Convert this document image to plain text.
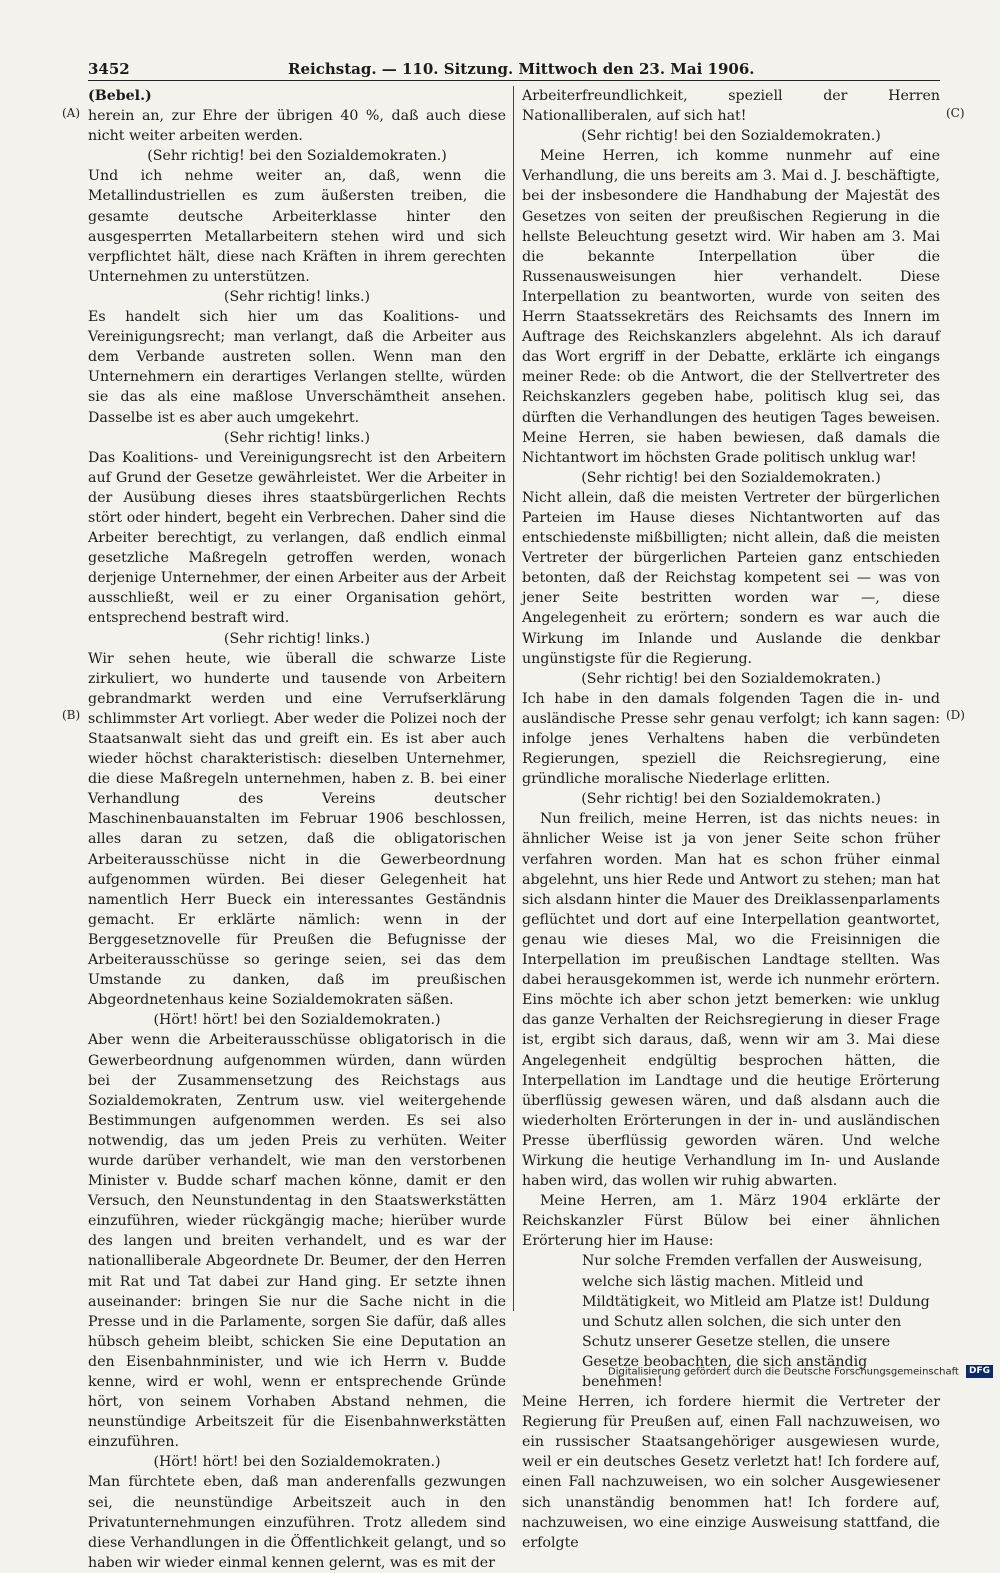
3452	Reichstag. — 110. Sitzung. Mittwoch den 23. Mai 1906.
(A)
(B)
(C)
(D)

(Bebel.)

herein an, zur Ehre der übrigen 40 %, daß auch diese nicht weiter arbeiten werden.

(Sehr richtig! bei den Sozialdemokraten.)

Und ich nehme weiter an, daß, wenn die Metallindustriellen es zum äußersten treiben, die gesamte deutsche Arbeiterklasse hinter den ausgesperrten Metallarbeitern stehen wird und sich verpflichtet hält, diese nach Kräften in ihrem gerechten Unternehmen zu unterstützen.

(Sehr richtig! links.)

Es handelt sich hier um das Koalitions- und Vereinigungsrecht; man verlangt, daß die Arbeiter aus dem Verbande austreten sollen. Wenn man den Unternehmern ein derartiges Verlangen stellte, würden sie das als eine maßlose Unverschämtheit ansehen. Dasselbe ist es aber auch umgekehrt.

(Sehr richtig! links.)

Das Koalitions- und Vereinigungsrecht ist den Arbeitern auf Grund der Gesetze gewährleistet. Wer die Arbeiter in der Ausübung dieses ihres staatsbürgerlichen Rechts stört oder hindert, begeht ein Verbrechen. Daher sind die Arbeiter berechtigt, zu verlangen, daß endlich einmal gesetzliche Maßregeln getroffen werden, wonach derjenige Unternehmer, der einen Arbeiter aus der Arbeit ausschließt, weil er zu einer Organisation gehört, entsprechend bestraft wird.

(Sehr richtig! links.)

Wir sehen heute, wie überall die schwarze Liste zirkuliert, wo hunderte und tausende von Arbeitern gebrandmarkt werden und eine Verrufserklärung schlimmster Art vorliegt. Aber weder die Polizei noch der Staatsanwalt sieht das und greift ein. Es ist aber auch wieder höchst charakteristisch: dieselben Unternehmer, die diese Maßregeln unternehmen, haben z. B. bei einer Verhandlung des Vereins deutscher Maschinenbauanstalten im Februar 1906 beschlossen, alles daran zu setzen, daß die obligatorischen Arbeiterausschüsse nicht in die Gewerbeordnung aufgenommen würden. Bei dieser Gelegenheit hat namentlich Herr Bueck ein interessantes Geständnis gemacht. Er erklärte nämlich: wenn in der Berggesetznovelle für Preußen die Befugnisse der Arbeiterausschüsse so geringe seien, sei das dem Umstande zu danken, daß im preußischen Abgeordnetenhaus keine Sozialdemokraten säßen.

(Hört! hört! bei den Sozialdemokraten.)

Aber wenn die Arbeiterausschüsse obligatorisch in die Gewerbeordnung aufgenommen würden, dann würden bei der Zusammensetzung des Reichstags aus Sozialdemokraten, Zentrum usw. viel weitergehende Bestimmungen aufgenommen werden. Es sei also notwendig, das um jeden Preis zu verhüten. Weiter wurde darüber verhandelt, wie man den verstorbenen Minister v. Budde scharf machen könne, damit er den Versuch, den Neunstundentag in den Staatswerkstätten einzuführen, wieder rückgängig mache; hierüber wurde des langen und breiten verhandelt, und es war der nationalliberale Abgeordnete Dr. Beumer, der den Herren mit Rat und Tat dabei zur Hand ging. Er setzte ihnen auseinander: bringen Sie nur die Sache nicht in die Presse und in die Parlamente, sorgen Sie dafür, daß alles hübsch geheim bleibt, schicken Sie eine Deputation an den Eisenbahnminister, und wie ich Herrn v. Budde kenne, wird er wohl, wenn er entsprechende Gründe hört, von seinem Vorhaben Abstand nehmen, die neunstündige Arbeitszeit für die Eisenbahnwerkstätten einzuführen.

(Hört! hört! bei den Sozialdemokraten.)

Man fürchtete eben, daß man anderenfalls gezwungen sei, die neunstündige Arbeitszeit auch in den Privatunternehmungen einzuführen. Trotz alledem sind diese Verhandlungen in die Öffentlichkeit gelangt, und so haben wir wieder einmal kennen gelernt, was es mit der

Arbeiterfreundlichkeit, speziell der Herren Nationalliberalen, auf sich hat!

(Sehr richtig! bei den Sozialdemokraten.)

Meine Herren, ich komme nunmehr auf eine Verhandlung, die uns bereits am 3. Mai d. J. beschäftigte, bei der insbesondere die Handhabung der Majestät des Gesetzes von seiten der preußischen Regierung in die hellste Beleuchtung gesetzt wird. Wir haben am 3. Mai die bekannte Interpellation über die Russenausweisungen hier verhandelt. Diese Interpellation zu beantworten, wurde von seiten des Herrn Staatssekretärs des Reichsamts des Innern im Auftrage des Reichskanzlers abgelehnt. Als ich darauf das Wort ergriff in der Debatte, erklärte ich eingangs meiner Rede: ob die Antwort, die der Stellvertreter des Reichskanzlers gegeben habe, politisch klug sei, das dürften die Verhandlungen des heutigen Tages beweisen. Meine Herren, sie haben bewiesen, daß damals die Nichtantwort im höchsten Grade politisch unklug war!

(Sehr richtig! bei den Sozialdemokraten.)

Nicht allein, daß die meisten Vertreter der bürgerlichen Parteien im Hause dieses Nichtantworten auf das entschiedenste mißbilligten; nicht allein, daß die meisten Vertreter der bürgerlichen Parteien ganz entschieden betonten, daß der Reichstag kompetent sei — was von jener Seite bestritten worden war —, diese Angelegenheit zu erörtern; sondern es war auch die Wirkung im Inlande und Auslande die denkbar ungünstigste für die Regierung.

(Sehr richtig! bei den Sozialdemokraten.)

Ich habe in den damals folgenden Tagen die in- und ausländische Presse sehr genau verfolgt; ich kann sagen: infolge jenes Verhaltens haben die verbündeten Regierungen, speziell die Reichsregierung, eine gründliche moralische Niederlage erlitten.

(Sehr richtig! bei den Sozialdemokraten.)

Nun freilich, meine Herren, ist das nichts neues: in ähnlicher Weise ist ja von jener Seite schon früher verfahren worden. Man hat es schon früher einmal abgelehnt, uns hier Rede und Antwort zu stehen; man hat sich alsdann hinter die Mauer des Dreiklassenparlaments geflüchtet und dort auf eine Interpellation geantwortet, genau wie dieses Mal, wo die Freisinnigen die Interpellation im preußischen Landtage stellten. Was dabei herausgekommen ist, werde ich nunmehr erörtern. Eins möchte ich aber schon jetzt bemerken: wie unklug das ganze Verhalten der Reichsregierung in dieser Frage ist, ergibt sich daraus, daß, wenn wir am 3. Mai diese Angelegenheit endgültig besprochen hätten, die Interpellation im Landtage und die heutige Erörterung überflüssig gewesen wären, und daß alsdann auch die wiederholten Erörterungen in der in- und ausländischen Presse überflüssig geworden wären. Und welche Wirkung die heutige Verhandlung im In- und Auslande haben wird, das wollen wir ruhig abwarten.

Meine Herren, am 1. März 1904 erklärte der Reichskanzler Fürst Bülow bei einer ähnlichen Erörterung hier im Hause:

Nur solche Fremden verfallen der Ausweisung, welche sich lästig machen. Mitleid und Mildtätigkeit, wo Mitleid am Platze ist! Duldung und Schutz allen solchen, die sich unter den Schutz unserer Gesetze stellen, die unsere Gesetze beobachten, die sich anständig benehmen!

Meine Herren, ich fordere hiermit die Vertreter der Regierung für Preußen auf, einen Fall nachzuweisen, wo ein russischer Staatsangehöriger ausgewiesen wurde, weil er ein deutsches Gesetz verletzt hat! Ich fordere auf, einen Fall nachzuweisen, wo ein solcher Ausgewiesener sich unanständig benommen hat! Ich fordere auf, nachzuweisen, wo eine einzige Ausweisung stattfand, die erfolgte

Digitalisierung gefördert durch die Deutsche Forschungsgemeinschaft DFG
